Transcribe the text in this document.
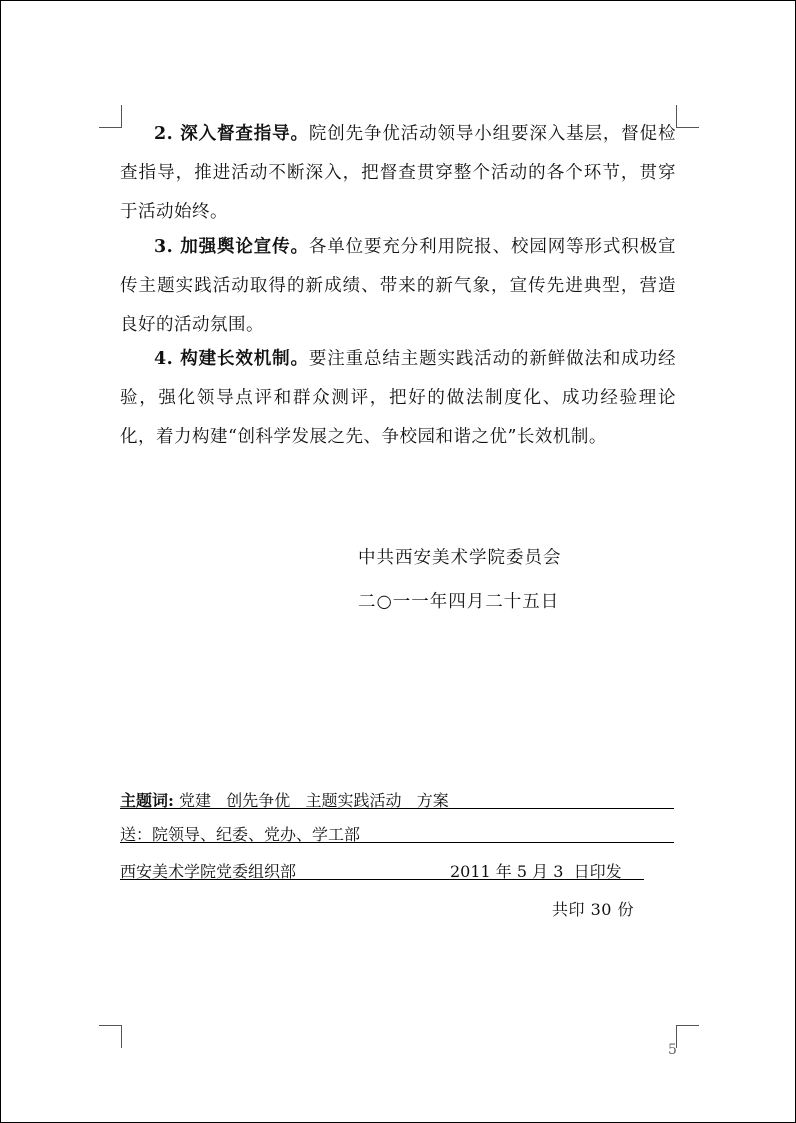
2. 深入督查指导。院创先争优活动领导小组要深入基层，督促检查指导，推进活动不断深入，把督查贯穿整个活动的各个环节，贯穿于活动始终。

3. 加强舆论宣传。各单位要充分利用院报、校园网等形式积极宣传主题实践活动取得的新成绩、带来的新气象，宣传先进典型，营造良好的活动氛围。

4. 构建长效机制。要注重总结主题实践活动的新鲜做法和成功经验，强化领导点评和群众测评，把好的做法制度化、成功经验理论化，着力构建“创科学发展之先、争校园和谐之优”长效机制。

中共西安美术学院委员会
二○一一年四月二十五日
主题词: 党建   创先争优   主题实践活动   方案
送：院领导、纪委、党办、学工部
西安美术学院党委组织部	2011 年 5 月 3  日印发
共印 30 份
5
